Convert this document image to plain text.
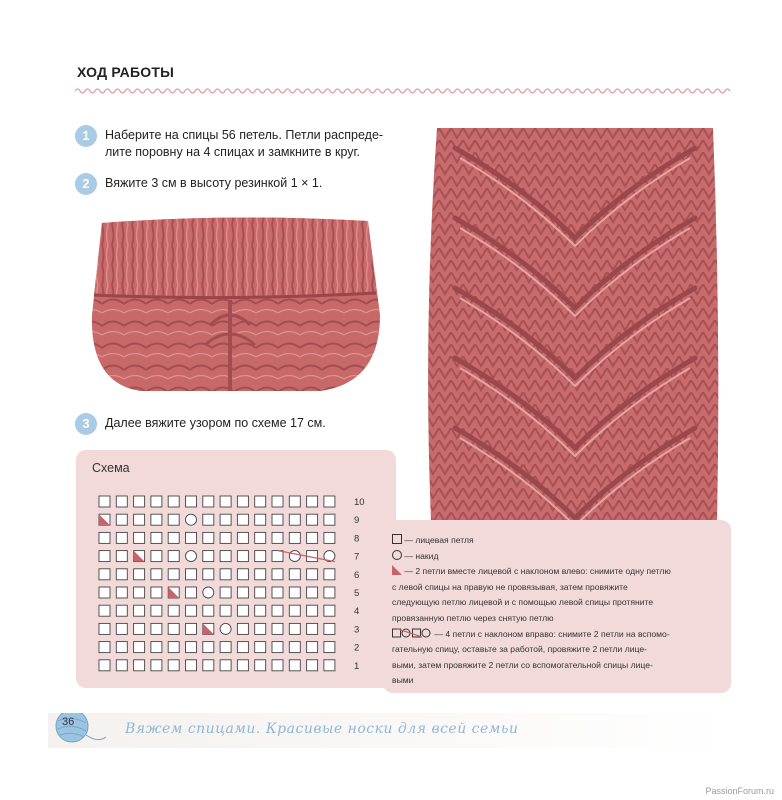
ХОД РАБОТЫ
1	Наберите на спицы 56 петель. Петли распреде-
лите поровну на 4 спицах и замкните в круг.
2	Вяжите 3 см в высоту резинкой 1 × 1.
3	Далее вяжите узором по схеме 17 см.
Схема
10
9
8
7
6
5
4
3
2
1
— лицевая петля
— накид
— 2 петли вместе лицевой с наклоном влево: снимите одну петлю
с левой спицы на правую не провязывая, затем провяжите
следующую петлю лицевой и с помощью левой спицы протяните
провязанную петлю через снятую петлю
— 4 петли с наклоном вправо: снимите 2 петли на вспомо-
гательную спицу, оставьте за работой, провяжите 2 петли лице-
выми, затем провяжите 2 петли со вспомогательной спицы лице-
выми
36	Вяжем спицами. Красивые носки для всей семьи
PassionForum.ru
